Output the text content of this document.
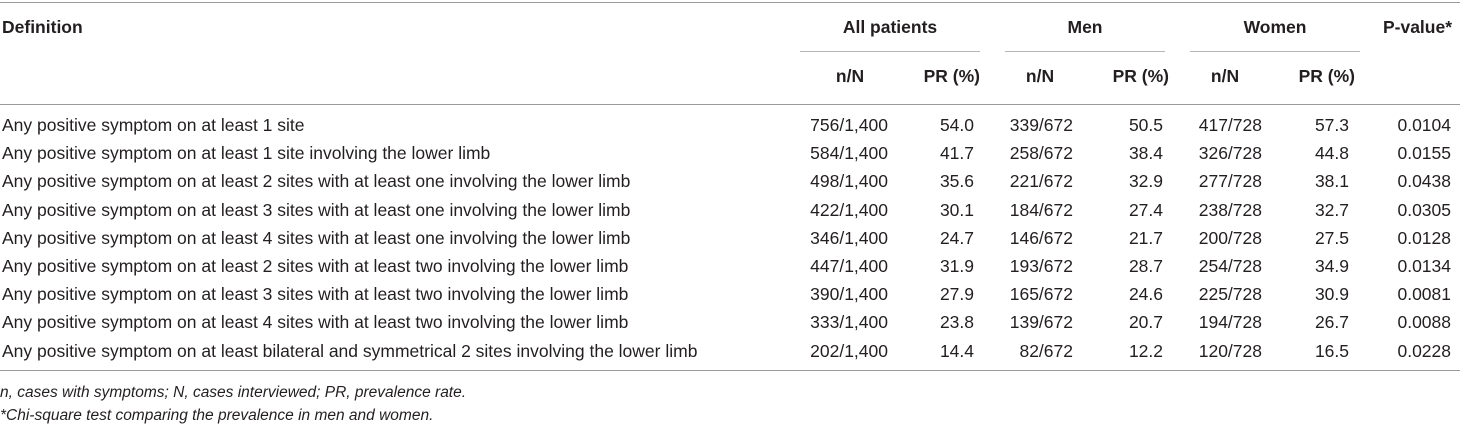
Definition	All patients	Men	Women	P-value*
n/N	PR (%)	n/N	PR (%)	n/N	PR (%)
Any positive symptom on at least 1 site	756/1,400	54.0	339/672	50.5	417/728	57.3	0.0104
Any positive symptom on at least 1 site involving the lower limb	584/1,400	41.7	258/672	38.4	326/728	44.8	0.0155
Any positive symptom on at least 2 sites with at least one involving the lower limb	498/1,400	35.6	221/672	32.9	277/728	38.1	0.0438
Any positive symptom on at least 3 sites with at least one involving the lower limb	422/1,400	30.1	184/672	27.4	238/728	32.7	0.0305
Any positive symptom on at least 4 sites with at least one involving the lower limb	346/1,400	24.7	146/672	21.7	200/728	27.5	0.0128
Any positive symptom on at least 2 sites with at least two involving the lower limb	447/1,400	31.9	193/672	28.7	254/728	34.9	0.0134
Any positive symptom on at least 3 sites with at least two involving the lower limb	390/1,400	27.9	165/672	24.6	225/728	30.9	0.0081
Any positive symptom on at least 4 sites with at least two involving the lower limb	333/1,400	23.8	139/672	20.7	194/728	26.7	0.0088
Any positive symptom on at least bilateral and symmetrical 2 sites involving the lower limb	202/1,400	14.4	82/672	12.2	120/728	16.5	0.0228
n, cases with symptoms; N, cases interviewed; PR, prevalence rate.
*Chi-square test comparing the prevalence in men and women.
